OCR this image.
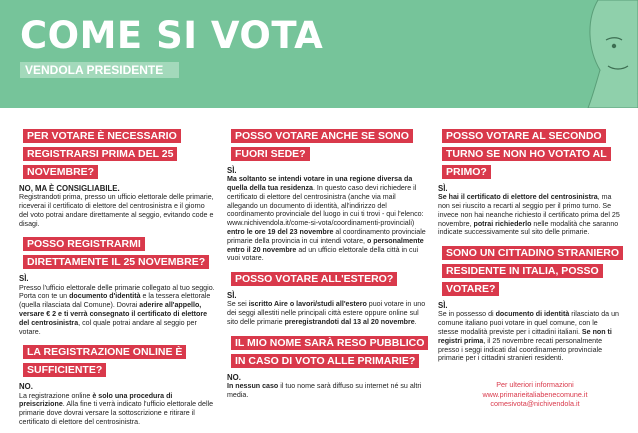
COME SI VOTA
VENDOLA PRESIDENTE
PER VOTARE È NECESSARIO REGISTRARSI PRIMA DEL 25 NOVEMBRE?

NO, MA È CONSIGLIABILE.

Registrandoti prima, presso un ufficio elettorale delle primarie, riceverai il certificato di elettore del centrosinistra e il giorno del voto potrai andare direttamente al seggio, evitando code e disagi.

POSSO REGISTRARMI DIRETTAMENTE IL 25 NOVEMBRE?

SÌ.

Presso l'ufficio elettorale delle primarie collegato al tuo seggio. Porta con te un documento d'identità e la tessera elettorale (quella rilasciata dal Comune). Dovrai aderire all'appello, versare € 2 e ti verrà consegnato il certificato di elettore del centrosinistra, col quale potrai andare al seggio per votare.

LA REGISTRAZIONE ONLINE È SUFFICIENTE?

NO.

La registrazione online è solo una procedura di preiscrizione. Alla fine ti verrà indicato l'ufficio elettorale delle primarie dove dovrai versare la sottoscrizione e ritirare il certificato di elettore del centrosinistra.

POSSO VOTARE ANCHE SE SONO FUORI SEDE?

SÌ.

Ma soltanto se intendi votare in una regione diversa da quella della tua residenza. In questo caso devi richiedere il certificato di elettore del centrosinistra (anche via mail allegando un documento di identità, all'indirizzo del coordinamento provinciale del luogo in cui ti trovi - qui l'elenco: www.nichivendola.it/come-si-vota/coordinamenti-provinciali) entro le ore 19 del 23 novembre al coordinamento provinciale primarie della provincia in cui intendi votare, o personalmente entro il 20 novembre ad un ufficio elettorale della città in cui vuoi votare.

POSSO VOTARE ALL'ESTERO?

SÌ.

Se sei iscritto Aire o lavori/studi all'estero puoi votare in uno dei seggi allestiti nelle principali città estere oppure online sul sito delle primarie preregistrandoti dal 13 al 20 novembre.

IL MIO NOME SARÀ RESO PUBBLICO IN CASO DI VOTO ALLE PRIMARIE?

NO.

In nessun caso il tuo nome sarà diffuso su internet né su altri media.

POSSO VOTARE AL SECONDO TURNO SE NON HO VOTATO AL PRIMO?

SÌ.

Se hai il certificato di elettore del centrosinistra, ma non sei riuscito a recarti al seggio per il primo turno. Se invece non hai neanche richiesto il certificato prima del 25 novembre, potrai richiederlo nelle modalità che saranno indicate successivamente sul sito delle primarie.

SONO UN CITTADINO STRANIERO RESIDENTE IN ITALIA, POSSO VOTARE?

SÌ.

Se in possesso di documento di identità rilasciato da un comune italiano puoi votare in quel comune, con le stesse modalità previste per i cittadini italiani. Se non ti registri prima, il 25 novembre recati personalmente presso i seggi indicati dal coordinamento provinciale primarie per i cittadini stranieri residenti.

Per ulteriori informazioni
www.primarieitaliabenecomune.it
comesivota@nichivendola.it
